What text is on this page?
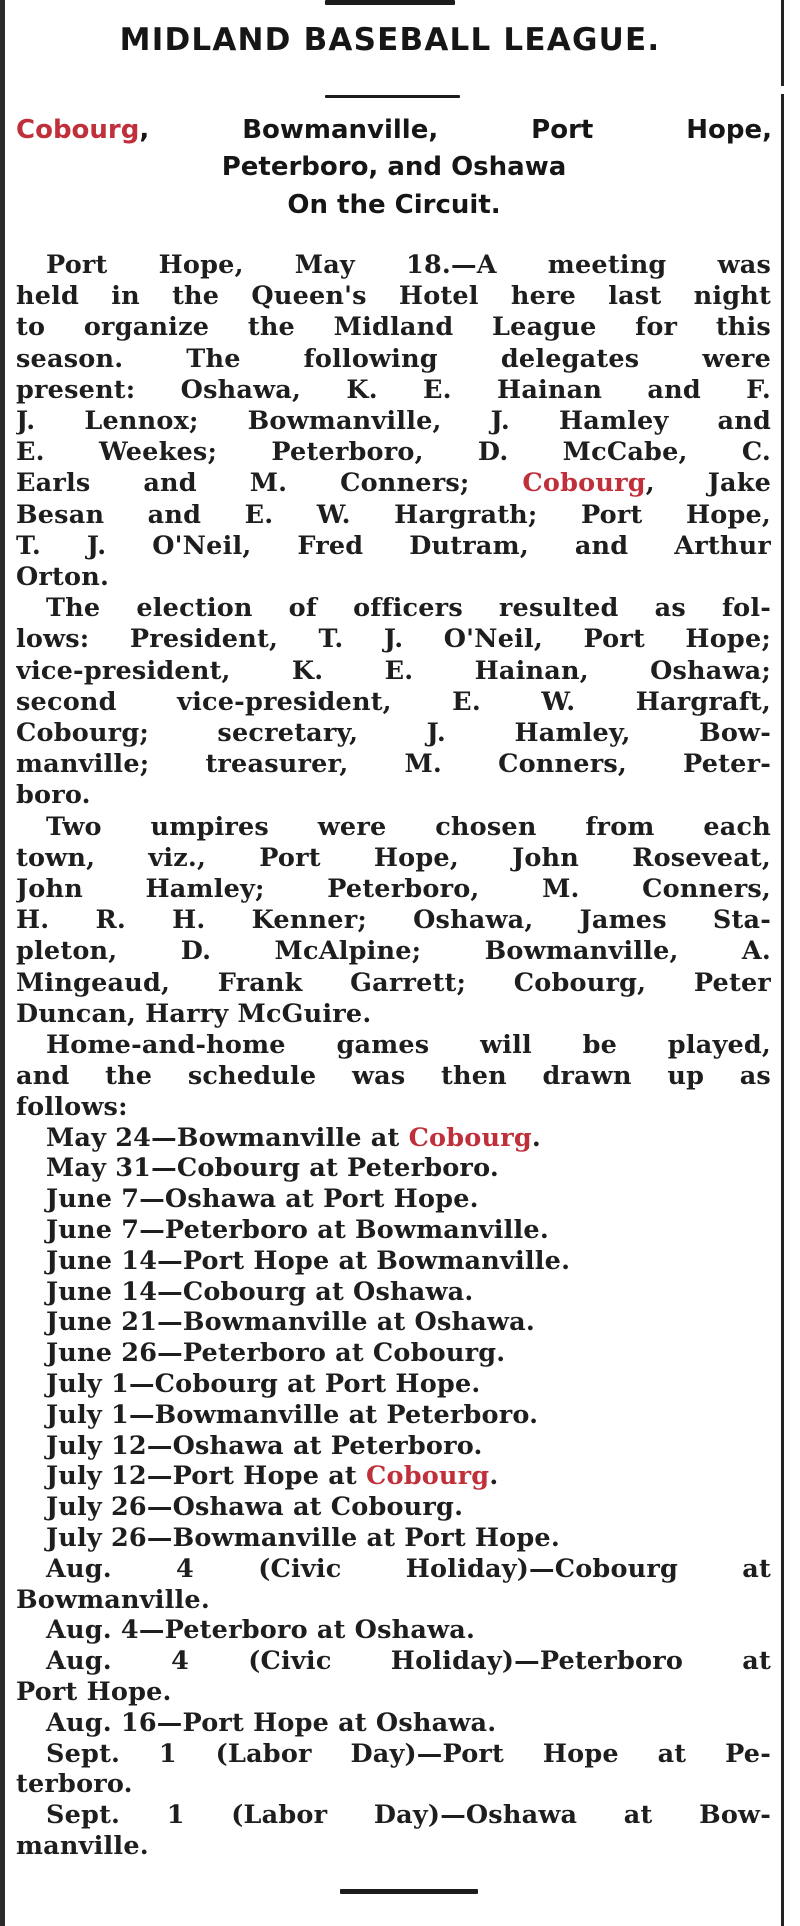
MIDLAND BASEBALL LEAGUE.
Cobourg,	Bowmanville,	Port	Hope,
Peterboro, and Oshawa
On the Circuit.
Port Hope, May 18.—A meeting was
held in the Queen's Hotel here last night
to organize the Midland League for this
season. The following delegates were
present: Oshawa, K. E. Hainan and F.
J. Lennox; Bowmanville, J. Hamley and
E. Weekes; Peterboro, D. McCabe, C.
Earls and M. Conners; Cobourg, Jake
Besan and E. W. Hargrath; Port Hope,
T. J. O'Neil, Fred Dutram, and Arthur
Orton.
The election of officers resulted as fol-
lows: President, T. J. O'Neil, Port Hope;
vice-president, K. E. Hainan, Oshawa;
second vice-president, E. W. Hargraft,
Cobourg; secretary, J. Hamley, Bow-
manville; treasurer, M. Conners, Peter-
boro.
Two umpires were chosen from each
town, viz., Port Hope, John Roseveat,
John Hamley; Peterboro, M. Conners,
H. R. H. Kenner; Oshawa, James Sta-
pleton, D. McAlpine; Bowmanville, A.
Mingeaud, Frank Garrett; Cobourg, Peter
Duncan, Harry McGuire.
Home-and-home games will be played,
and the schedule was then drawn up as
follows:
May 24—Bowmanville at Cobourg.
May 31—Cobourg at Peterboro.
June 7—Oshawa at Port Hope.
June 7—Peterboro at Bowmanville.
June 14—Port Hope at Bowmanville.
June 14—Cobourg at Oshawa.
June 21—Bowmanville at Oshawa.
June 26—Peterboro at Cobourg.
July 1—Cobourg at Port Hope.
July 1—Bowmanville at Peterboro.
July 12—Oshawa at Peterboro.
July 12—Port Hope at Cobourg.
July 26—Oshawa at Cobourg.
July 26—Bowmanville at Port Hope.
Aug. 4 (Civic Holiday)—Cobourg at
Bowmanville.
Aug. 4—Peterboro at Oshawa.
Aug. 4 (Civic Holiday)—Peterboro at
Port Hope.
Aug. 16—Port Hope at Oshawa.
Sept. 1 (Labor Day)—Port Hope at Pe-
terboro.
Sept. 1 (Labor Day)—Oshawa at Bow-
manville.
